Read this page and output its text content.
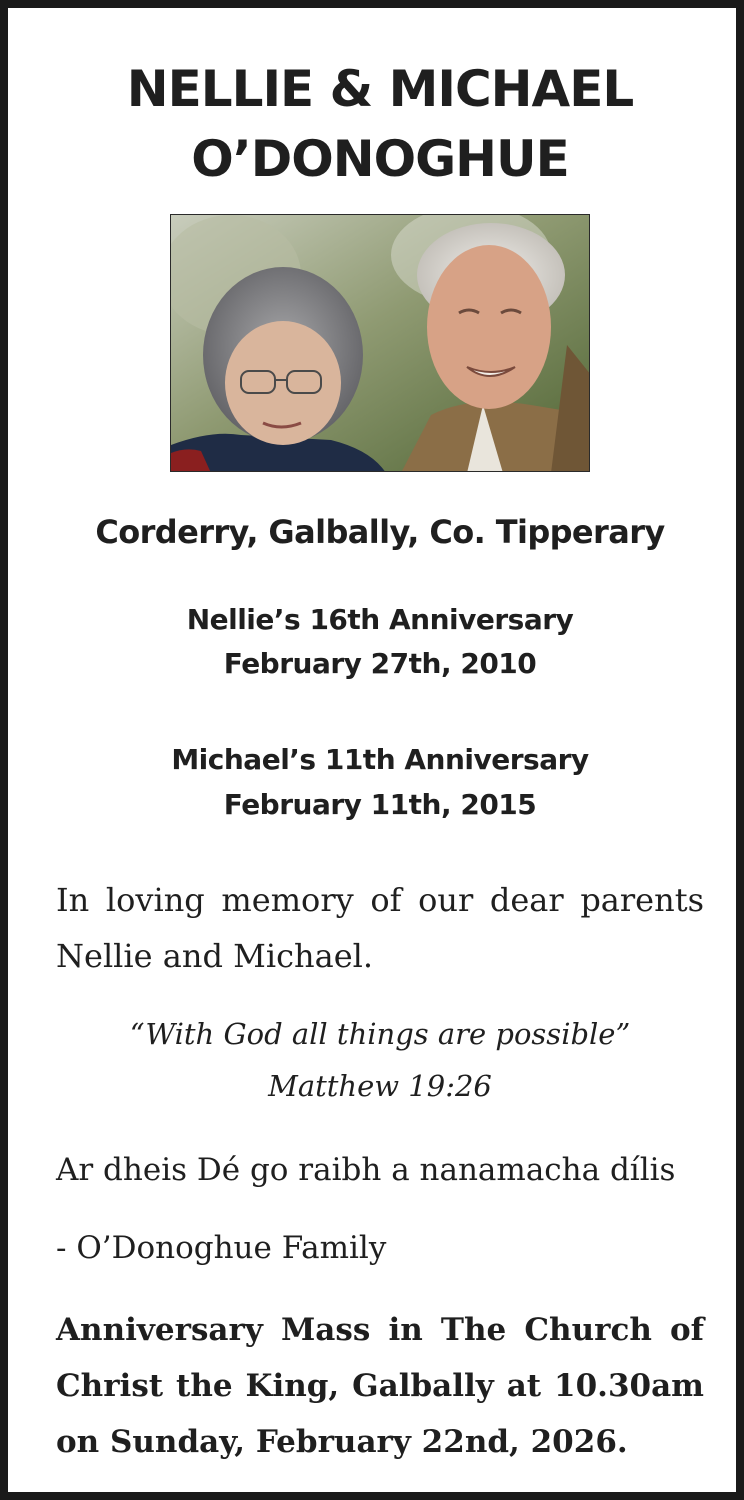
NELLIE & MICHAEL
O’DONOGHUE
Corderry, Galbally, Co. Tipperary
Nellie’s 16th Anniversary
February 27th, 2010
Michael’s 11th Anniversary
February 11th, 2015
In loving memory of our dear parents Nellie and Michael.
“With God all things are possible”
Matthew 19:26
Ar dheis Dé go raibh a nanamacha dílis
- O’Donoghue Family
Anniversary Mass in The Church of Christ the King, Galbally at 10.30am on Sunday, February 22nd, 2026.
